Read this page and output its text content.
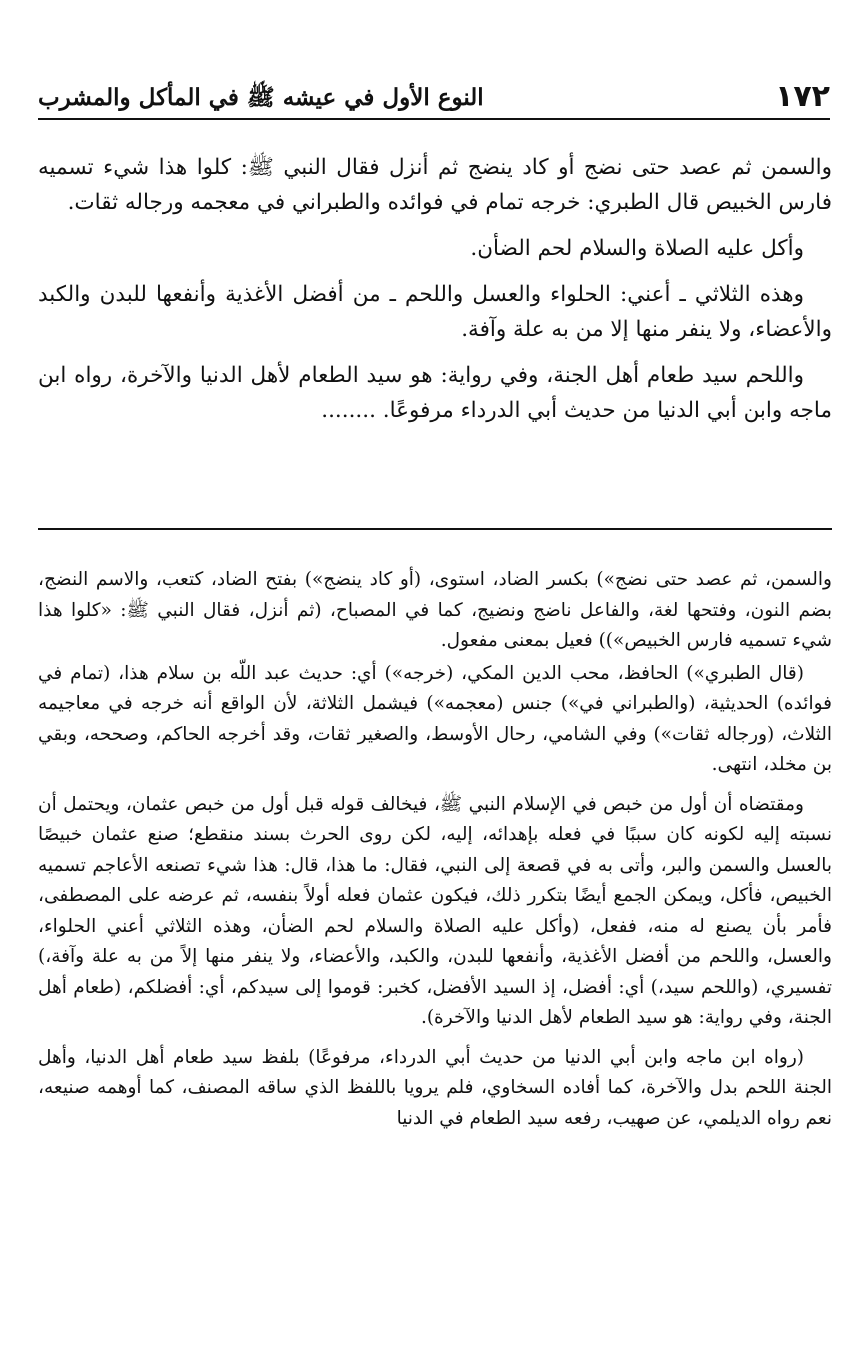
١٧٢
النوع الأول في عيشه ﷺ في المأكل والمشرب

والسمن ثم عصد حتى نضج أو كاد ينضج ثم أنزل فقال النبي ﷺ: كلوا هذا شيء تسميه فارس الخبيص قال الطبري: خرجه تمام في فوائده والطبراني في معجمه ورجاله ثقات.

وأكل عليه الصلاة والسلام لحم الضأن.

وهذه الثلاثي ـ أعني: الحلواء والعسل واللحم ـ من أفضل الأغذية وأنفعها للبدن والكبد والأعضاء، ولا ينفر منها إلا من به علة وآفة.

واللحم سيد طعام أهل الجنة، وفي رواية: هو سيد الطعام لأهل الدنيا والآخرة، رواه ابن ماجه وابن أبي الدنيا من حديث أبي الدرداء مرفوعًا. ........

والسمن، ثم عصد حتى نضج») بكسر الضاد، استوى، (أو كاد ينضج») بفتح الضاد، كتعب، والاسم النضج، بضم النون، وفتحها لغة، والفاعل ناضج ونضيج، كما في المصباح، (ثم أنزل، فقال النبي ﷺ: «كلوا هذا شيء تسميه فارس الخبيص»)) فعيل بمعنى مفعول.

(قال الطبري») الحافظ، محب الدين المكي، (خرجه») أي: حديث عبد اللّه بن سلام هذا، (تمام في فوائده) الحديثية، (والطبراني في») جنس (معجمه») فيشمل الثلاثة، لأن الواقع أنه خرجه في معاجيمه الثلاث، (ورجاله ثقات») وفي الشامي، رحال الأوسط، والصغير ثقات، وقد أخرجه الحاكم، وصححه، وبقي بن مخلد، انتهى.

ومقتضاه أن أول من خبص في الإسلام النبي ﷺ، فيخالف قوله قبل أول من خبص عثمان، ويحتمل أن نسبته إليه لكونه كان سببًا في فعله بإهدائه، إليه، لكن روى الحرث بسند منقطع؛ صنع عثمان خبيصًا بالعسل والسمن والبر، وأتى به في قصعة إلى النبي، فقال: ما هذا، قال: هذا شيء تصنعه الأعاجم تسميه الخبيص، فأكل، ويمكن الجمع أيضًا بتكرر ذلك، فيكون عثمان فعله أولاً بنفسه، ثم عرضه على المصطفى، فأمر بأن يصنع له منه، ففعل، (وأكل عليه الصلاة والسلام لحم الضأن، وهذه الثلاثي أعني الحلواء، والعسل، واللحم من أفضل الأغذية، وأنفعها للبدن، والكبد، والأعضاء، ولا ينفر منها إلاً من به علة وآفة،) تفسيري، (واللحم سيد،) أي: أفضل، إذ السيد الأفضل، كخبر: قوموا إلى سيدكم، أي: أفضلكم، (طعام أهل الجنة، وفي رواية: هو سيد الطعام لأهل الدنيا والآخرة).

(رواه ابن ماجه وابن أبي الدنيا من حديث أبي الدرداء، مرفوعًا) بلفظ سيد طعام أهل الدنيا، وأهل الجنة اللحم بدل والآخرة، كما أفاده السخاوي، فلم يرويا باللفظ الذي ساقه المصنف، كما أوهمه صنيعه، نعم رواه الديلمي، عن صهيب، رفعه سيد الطعام في الدنيا
